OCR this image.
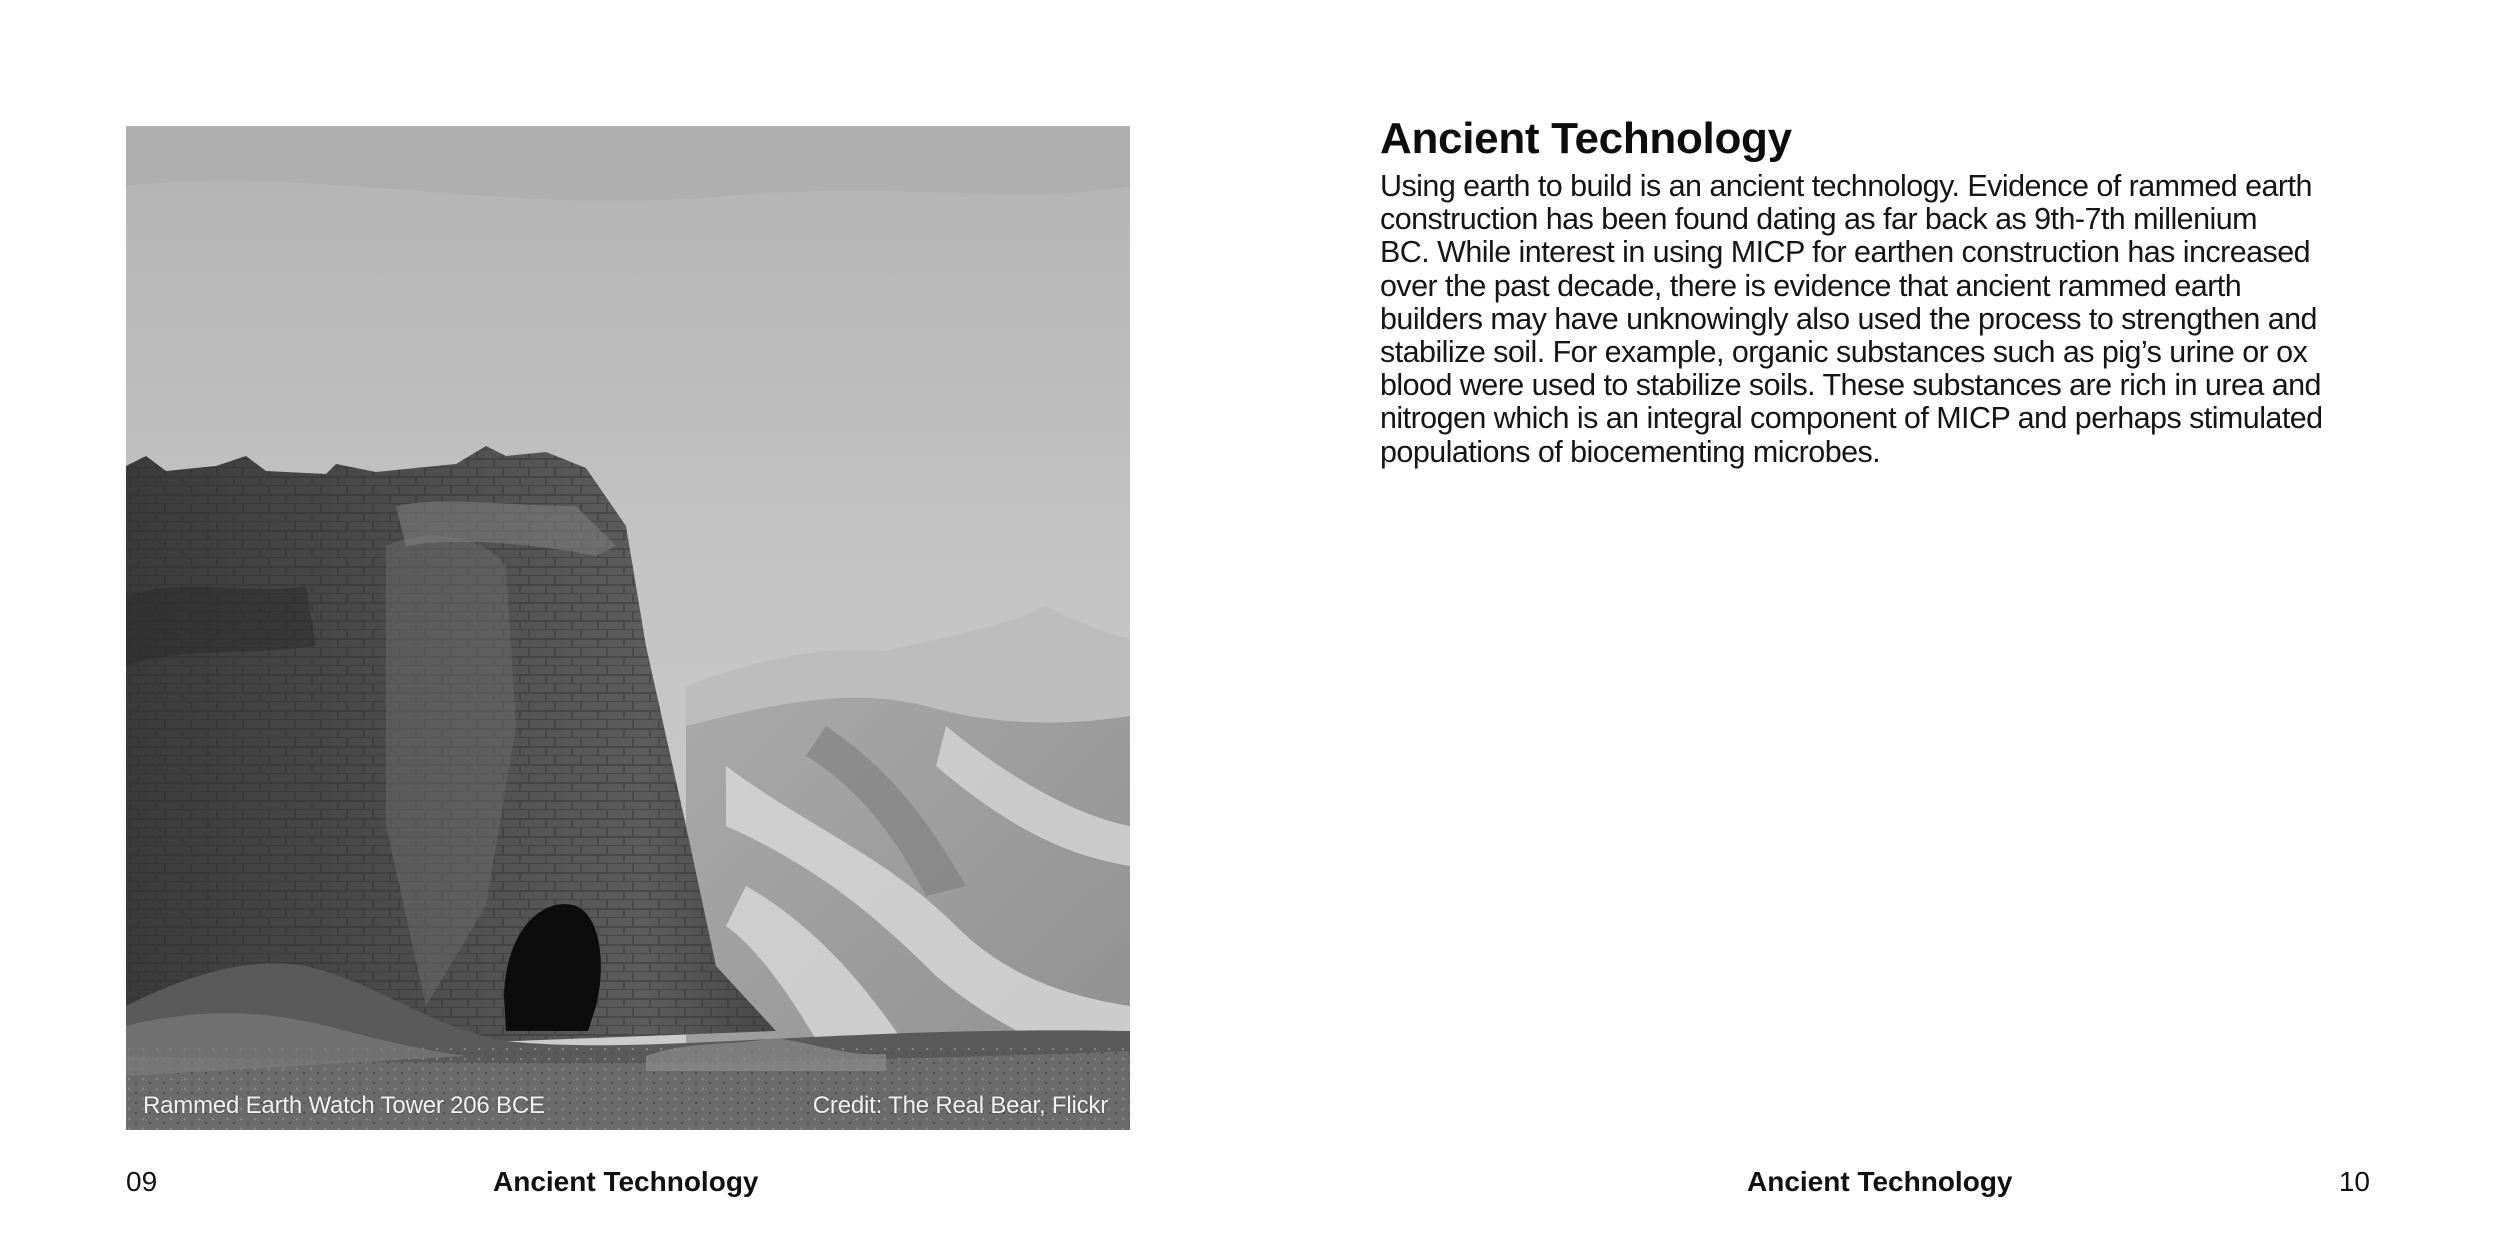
Rammed Earth Watch Tower 206 BCE	Credit: The Real Bear, Flickr
09	Ancient Technology
Ancient Technology

Using earth to build is an ancient technology. Evidence of rammed earth
construction has been found dating as far back as 9th-7th millenium
BC. While interest in using MICP for earthen construction has increased
over the past decade, there is evidence that ancient rammed earth
builders may have unknowingly also used the process to strengthen and
stabilize soil. For example, organic substances such as pig’s urine or ox
blood were used to stabilize soils. These substances are rich in urea and
nitrogen which is an integral component of MICP and perhaps stimulated
populations of biocementing microbes.

Ancient Technology	10
